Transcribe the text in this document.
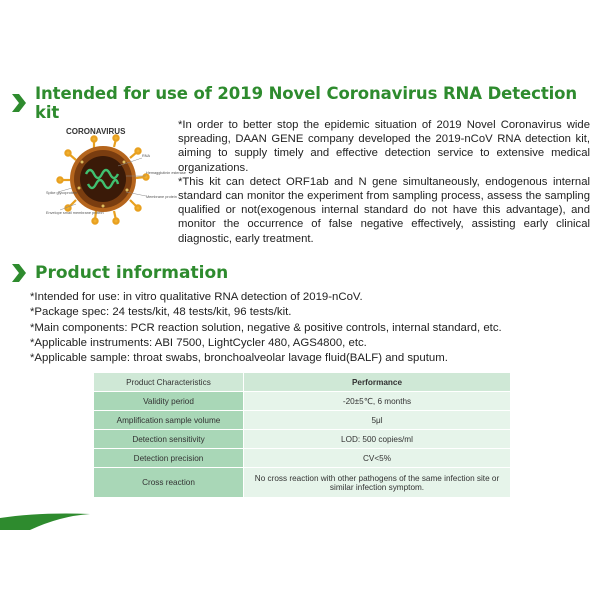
Intended for use of 2019 Novel Coronavirus RNA Detection kit
CORONAVIRUS
RNA
Hemagglutinin esterase
Membrane protein
Spike glycoprotein
Envelope small membrane protein

*In order to better stop the epidemic situation of 2019 Novel Coronavirus wide spreading, DAAN GENE company developed the 2019-nCoV RNA detection kit, aiming to supply timely and effective detection service to extensive medical organizations.

*This kit can detect ORF1ab and N gene simultaneously, endogenous internal standard can monitor the experiment from sampling process, assess the sampling qualified or not(exogenous internal standard do not have this advantage), and monitor the occurrence of false negative effectively, assisting early clinical diagnostic, early treatment.

Product information

*Intended for use: in vitro qualitative RNA detection of 2019-nCoV.

*Package spec: 24 tests/kit, 48 tests/kit, 96 tests/kit.

*Main components: PCR reaction solution, negative & positive controls, internal standard, etc.

*Applicable instruments: ABI 7500, LightCycler 480, AGS4800, etc.

*Applicable sample: throat swabs, bronchoalveolar lavage fluid(BALF) and sputum.

Product Characteristics	Performance
Validity period	-20±5℃, 6 months
Amplification sample volume	5μl
Detection sensitivity	LOD: 500 copies/ml
Detection precision	CV<5%
Cross reaction	No cross reaction with other pathogens of the same infection site or similar infection symptom.
